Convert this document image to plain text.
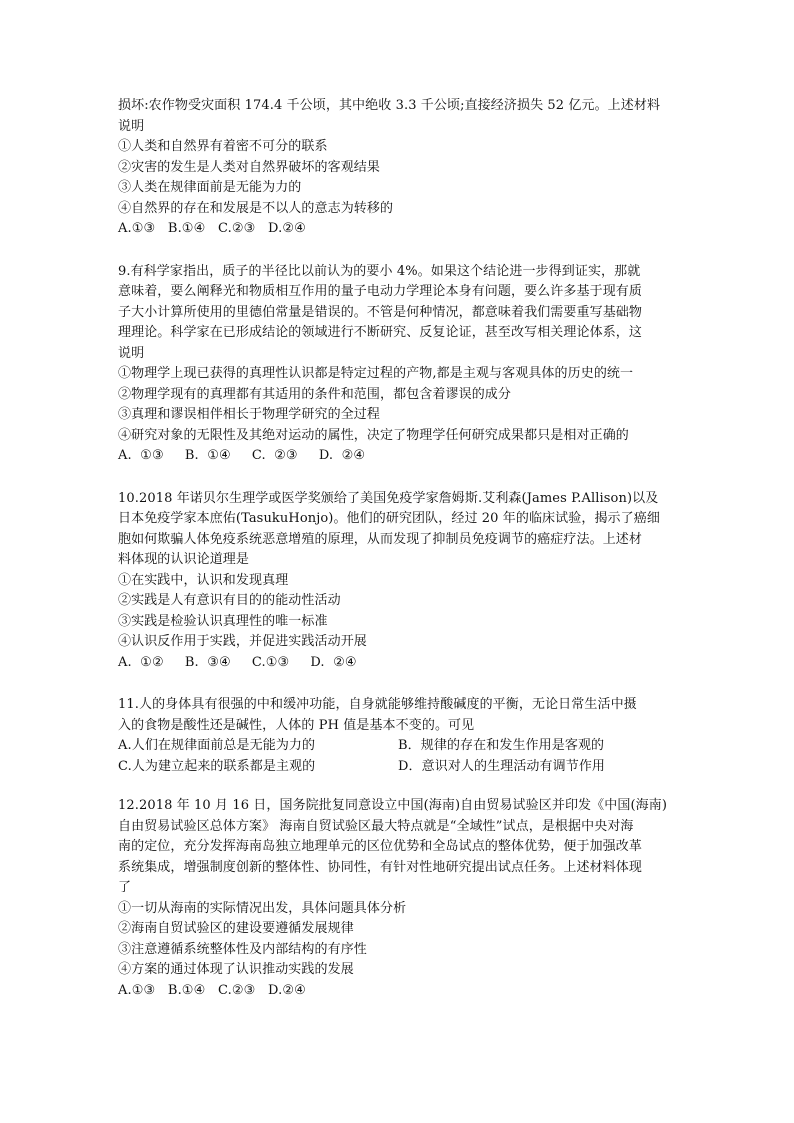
损坏:农作物受灾面积 174.4 千公顷，其中绝收 3.3 千公顷;直接经济损失 52 亿元。上述材料
说明
①人类和自然界有着密不可分的联系
②灾害的发生是人类对自然界破坏的客观结果
③人类在规律面前是无能为力的
④自然界的存在和发展是不以人的意志为转移的
A.①③   B.①④   C.②③   D.②④
9.有科学家指出，质子的半径比以前认为的要小 4%。如果这个结论进一步得到证实，那就
意味着，要么阐释光和物质相互作用的量子电动力学理论本身有问题，要么许多基于现有质
子大小计算所使用的里德伯常量是错误的。不管是何种情况，都意味着我们需要重写基础物
理理论。科学家在已形成结论的领域进行不断研究、反复论证，甚至改写相关理论体系，这
说明
①物理学上现已获得的真理性认识都是特定过程的产物,都是主观与客观具体的历史的统一
②物理学现有的真理都有其适用的条件和范围，都包含着谬误的成分
③真理和谬误相伴相长于物理学研究的全过程
④研究对象的无限性及其绝对运动的属性，决定了物理学任何研究成果都只是相对正确的
A.  ①③     B.  ①④     C.  ②③     D.  ②④
10.2018 年诺贝尔生理学或医学奖颁给了美国免疫学家詹姆斯.艾利森(James P.Allison)以及
日本免疫学家本庶佑(TasukuHonjo)。他们的研究团队，经过 20 年的临床试验，揭示了癌细
胞如何欺骗人体免疫系统恶意增殖的原理，从而发现了抑制员免疫调节的癌症疗法。上述材
料体现的认识论道理是
①在实践中，认识和发现真理
②实践是人有意识有目的的能动性活动
③实践是检验认识真理性的唯一标准
④认识反作用于实践，并促进实践活动开展
A.  ①②     B.  ③④     C.①③     D.  ②④
11.人的身体具有很强的中和缓冲功能，自身就能够维持酸碱度的平衡，无论日常生活中摄
入的食物是酸性还是碱性，人体的 PH 值是基本不变的。可见
A.人们在规律面前总是无能为力的	B．规律的存在和发生作用是客观的
C.人为建立起来的联系都是主观的	D．意识对人的生理活动有调节作用
12.2018 年 10 月 16 日，国务院批复同意设立中国(海南)自由贸易试验区并印发《中国(海南)
自由贸易试验区总体方案》 海南自贸试验区最大特点就是“全域性”试点，是根据中央对海
南的定位，充分发挥海南岛独立地理单元的区位优势和全岛试点的整体优势，便于加强改革
系统集成，增强制度创新的整体性、协同性，有针对性地研究提出试点任务。上述材料体现
了
①一切从海南的实际情况出发，具体问题具体分析
②海南自贸试验区的建设要遵循发展规律
③注意遵循系统整体性及内部结构的有序性
④方案的通过体现了认识推动实践的发展
A.①③   B.①④   C.②③   D.②④
